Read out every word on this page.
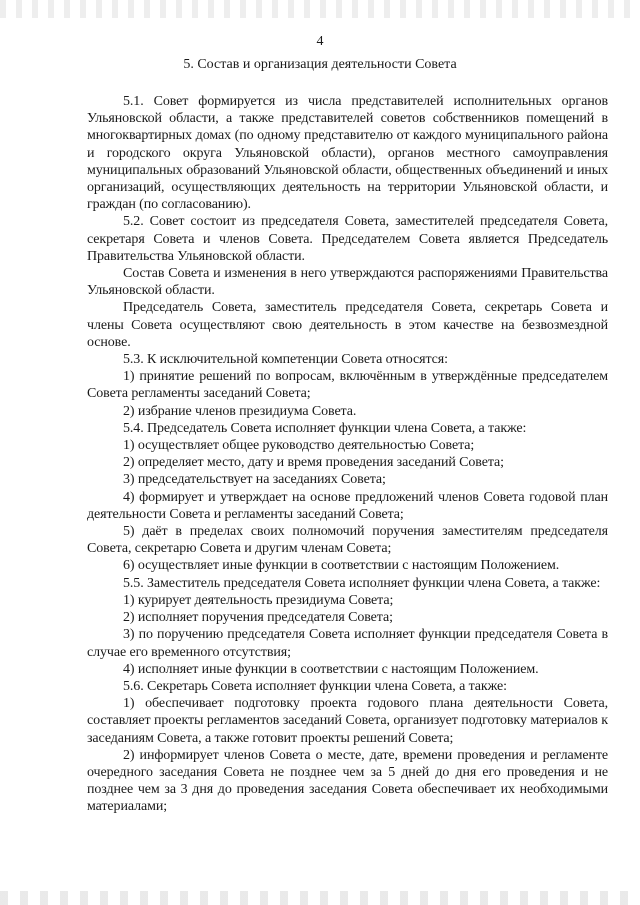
4
5. Состав и организация деятельности Совета

5.1. Совет формируется из числа представителей исполнительных органов Ульяновской области, а также представителей советов собственников помещений в многоквартирных домах (по одному представителю от каждого муниципального района и городского округа Ульяновской области), органов местного самоуправления муниципальных образований Ульяновской области, общественных объединений и иных организаций, осуществляющих деятельность на территории Ульяновской области, и граждан (по согласованию).

5.2. Совет состоит из председателя Совета, заместителей председателя Совета, секретаря Совета и членов Совета. Председателем Совета является Председатель Правительства Ульяновской области.

Состав Совета и изменения в него утверждаются распоряжениями Правительства Ульяновской области.

Председатель Совета, заместитель председателя Совета, секретарь Совета и члены Совета осуществляют свою деятельность в этом качестве на безвозмездной основе.

5.3. К исключительной компетенции Совета относятся:

1) принятие решений по вопросам, включённым в утверждённые председателем Совета регламенты заседаний Совета;

2) избрание членов президиума Совета.

5.4. Председатель Совета исполняет функции члена Совета, а также:

1) осуществляет общее руководство деятельностью Совета;

2) определяет место, дату и время проведения заседаний Совета;

3) председательствует на заседаниях Совета;

4) формирует и утверждает на основе предложений членов Совета годовой план деятельности Совета и регламенты заседаний Совета;

5) даёт в пределах своих полномочий поручения заместителям председателя Совета, секретарю Совета и другим членам Совета;

6) осуществляет иные функции в соответствии с настоящим Положением.

5.5. Заместитель председателя Совета исполняет функции члена Совета, а также:

1) курирует деятельность президиума Совета;

2) исполняет поручения председателя Совета;

3) по поручению председателя Совета исполняет функции председателя Совета в случае его временного отсутствия;

4) исполняет иные функции в соответствии с настоящим Положением.

5.6. Секретарь Совета исполняет функции члена Совета, а также:

1) обеспечивает подготовку проекта годового плана деятельности Совета, составляет проекты регламентов заседаний Совета, организует подготовку материалов к заседаниям Совета, а также готовит проекты решений Совета;

2) информирует членов Совета о месте, дате, времени проведения и регламенте очередного заседания Совета не позднее чем за 5 дней до дня его проведения и не позднее чем за 3 дня до проведения заседания Совета обеспечивает их необходимыми материалами;
